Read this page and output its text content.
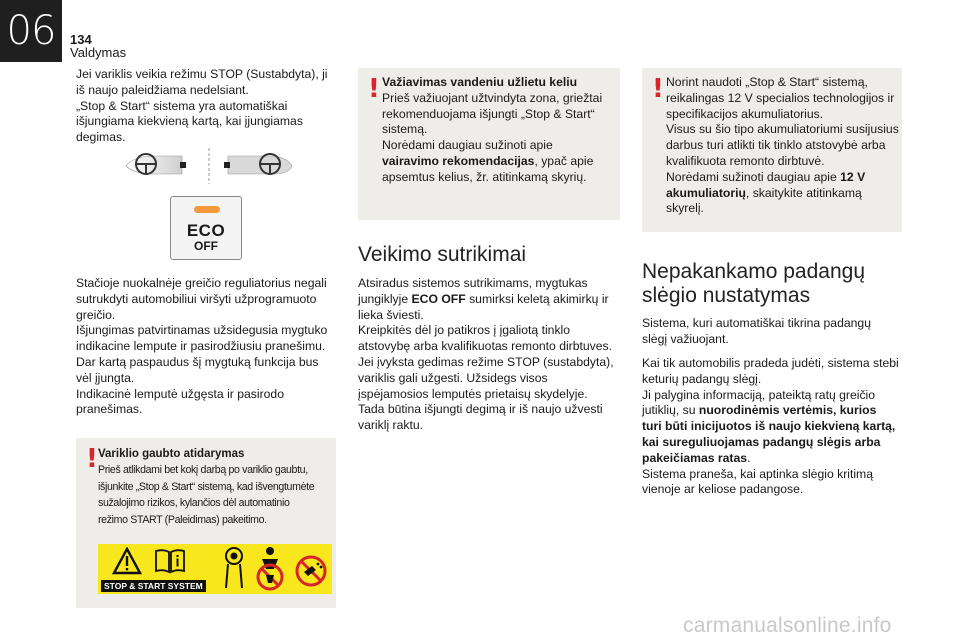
06	134
Valdymas
Jei variklis veikia režimu STOP (Sustabdyta), ji
iš naujo paleidžiama nedelsiant.
„Stop & Start“ sistema yra automatiškai
išjungiama kiekvieną kartą, kai įjungiamas
degimas.
ECO
OFF
Stačioje nuokalnėje greičio reguliatorius negali
sutrukdyti automobiliui viršyti užprogramuoto
greičio.
Išjungimas patvirtinamas užsidegusia mygtuko
indikacine lempute ir pasirodžiusiu pranešimu.
Dar kartą paspaudus šį mygtuką funkcija bus
vėl įjungta.
Indikacinė lemputė užgęsta ir pasirodo
pranešimas.
! Variklio gaubto atidarymas
Prieš atlikdami bet kokį darbą po variklio gaubtu,
išjunkite „Stop & Start“ sistemą, kad išvengtumėte
sužalojimo rizikos, kylančios dėl automatinio
režimo START (Paleidimas) pakeitimo.
STOP & START SYSTEM
! Važiavimas vandeniu užlietu keliu
Prieš važiuojant užtvindyta zona, griežtai
rekomenduojama išjungti „Stop & Start“
sistemą.
Norėdami daugiau sužinoti apie
vairavimo rekomendacijas, ypač apie
apsemtus kelius, žr. atitinkamą skyrių.
Veikimo sutrikimai
Atsiradus sistemos sutrikimams, mygtukas
jungiklyje ECO OFF sumirksi keletą akimirkų ir
lieka šviesti.
Kreipkitės dėl jo patikros į įgaliotą tinklo
atstovybę arba kvalifikuotas remonto dirbtuves.
Jei įvyksta gedimas režime STOP (sustabdyta),
variklis gali užgesti. Užsidegs visos
įspėjamosios lemputės prietaisų skydelyje.
Tada būtina išjungti degimą ir iš naujo užvesti
variklį raktu.
! Norint naudoti „Stop & Start“ sistemą,
reikalingas 12 V specialios technologijos ir
specifikacijos akumuliatorius.
Visus su šio tipo akumuliatoriumi susijusius
darbus turi atlikti tik tinklo atstovybė arba
kvalifikuota remonto dirbtuvė.
Norėdami sužinoti daugiau apie 12 V
akumuliatorių, skaitykite atitinkamą
skyrelį.
Nepakankamo padangų
slėgio nustatymas
Sistema, kuri automatiškai tikrina padangų
slėgį važiuojant.
Kai tik automobilis pradeda judėti, sistema stebi
keturių padangų slėgį.
Ji palygina informaciją, pateiktą ratų greičio
jutiklių, su nuorodinėmis vertėmis, kurios
turi būti inicijuotos iš naujo kiekvieną kartą,
kai sureguliuojamas padangų slėgis arba
pakeičiamas ratas.
Sistema praneša, kai aptinka slėgio kritimą
vienoje ar keliose padangose.
carmanualsonline.info
